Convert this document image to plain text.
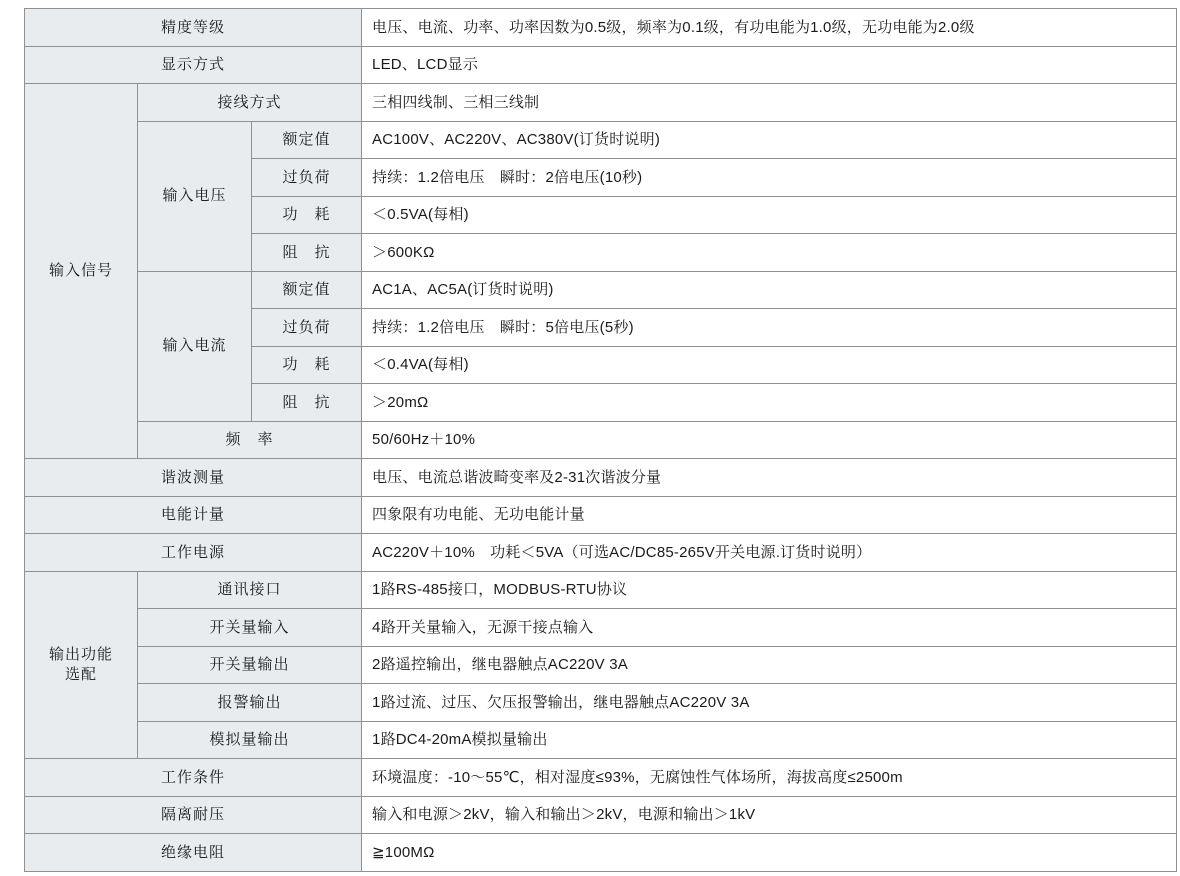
精度等级			电压、电流、功率、功率因数为0.5级，频率为0.1级，有功电能为1.0级，无功电能为2.0级
显示方式			LED、LCD显示
输入信号	接线方式		三相四线制、三相三线制
	输入电压	额定值	AC100V、AC220V、AC380V(订货时说明)
		过负荷	持续：1.2倍电压　瞬时：2倍电压(10秒)
		功　耗	＜0.5VA(每相)
		阻　抗	＞600KΩ
	输入电流	额定值	AC1A、AC5A(订货时说明)
		过负荷	持续：1.2倍电压　瞬时：5倍电压(5秒)
		功　耗	＜0.4VA(每相)
		阻　抗	＞20mΩ
	频　率		50/60Hz＋10%
谐波测量			电压、电流总谐波畸变率及2-31次谐波分量
电能计量			四象限有功电能、无功电能计量
工作电源			AC220V＋10%　功耗＜5VA（可选AC/DC85-265V开关电源.订货时说明）

输出功能
选配	通讯接口		1路RS-485接口，MODBUS-RTU协议
	开关量输入		4路开关量输入，无源干接点输入
	开关量输出		2路遥控输出，继电器触点AC220V 3A
	报警输出		1路过流、过压、欠压报警输出，继电器触点AC220V 3A
	模拟量输出		1路DC4-20mA模拟量输出
工作条件			环境温度：-10～55℃，相对湿度≤93%，无腐蚀性气体场所，海拔高度≤2500m
隔离耐压			输入和电源＞2kV，输入和输出＞2kV，电源和输出＞1kV
绝缘电阻			≧100MΩ
